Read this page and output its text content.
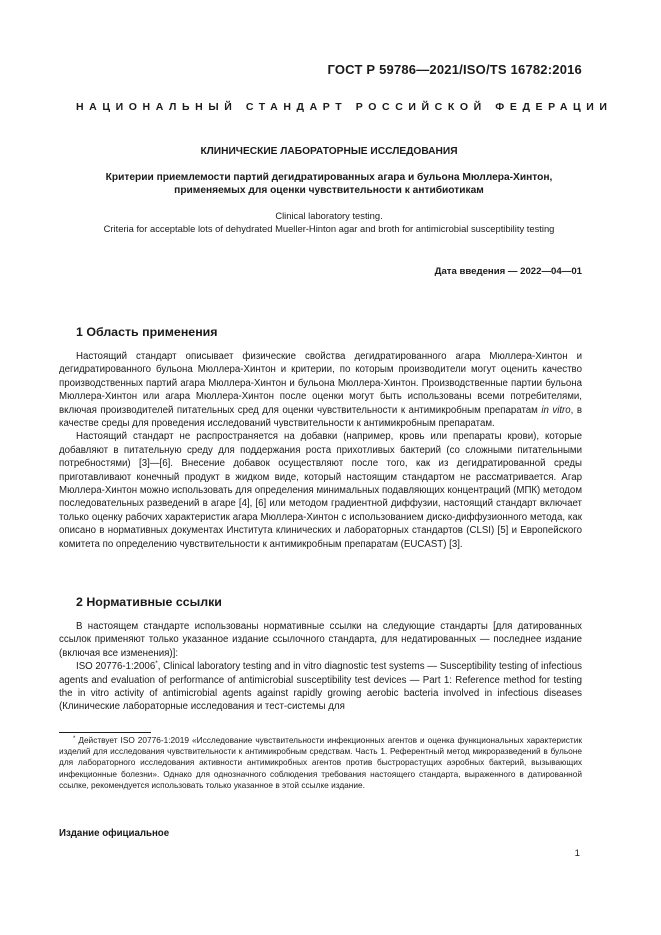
ГОСТ Р 59786—2021/ISO/TS 16782:2016
НАЦИОНАЛЬНЫЙ СТАНДАРТ РОССИЙСКОЙ ФЕДЕРАЦИИ
КЛИНИЧЕСКИЕ ЛАБОРАТОРНЫЕ ИССЛЕДОВАНИЯ
Критерии приемлемости партий дегидратированных агара и бульона Мюллера-Хинтон,
применяемых для оценки чувствительности к антибиотикам
Clinical laboratory testing.
Criteria for acceptable lots of dehydrated Mueller-Hinton agar and broth for antimicrobial susceptibility testing
Дата введения — 2022—04—01
1 Область применения

Настоящий стандарт описывает физические свойства дегидратированного агара Мюллера-Хинтон и дегидратированного бульона Мюллера-Хинтон и критерии, по которым производители могут оценить качество производственных партий агара Мюллера-Хинтон и бульона Мюллера-Хинтон. Производственные партии бульона Мюллера-Хинтон или агара Мюллера-Хинтон после оценки могут быть использованы всеми потребителями, включая производителей питательных сред для оценки чувствительности к антимикробным препаратам in vitro, в качестве среды для проведения исследований чувствительности к антимикробным препаратам.

Настоящий стандарт не распространяется на добавки (например, кровь или препараты крови), которые добавляют в питательную среду для поддержания роста прихотливых бактерий (со сложными питательными потребностями) [3]—[6]. Внесение добавок осуществляют после того, как из дегидратированной среды приготавливают конечный продукт в жидком виде, который настоящим стандартом не рассматривается. Агар Мюллера-Хинтон можно использовать для определения минимальных подавляющих концентраций (МПК) методом последовательных разведений в агаре [4], [6] или методом градиентной диффузии, настоящий стандарт включает только оценку рабочих характеристик агара Мюллера-Хинтон с использованием диско-диффузионного метода, как описано в нормативных документах Института клинических и лабораторных стандартов (CLSI) [5] и Европейского комитета по определению чувствительности к антимикробным препаратам (EUCAST) [3].

2 Нормативные ссылки

В настоящем стандарте использованы нормативные ссылки на следующие стандарты [для датированных ссылок применяют только указанное издание ссылочного стандарта, для недатированных — последнее издание (включая все изменения)]:

ISO 20776-1:2006*, Clinical laboratory testing and in vitro diagnostic test systems — Susceptibility testing of infectious agents and evaluation of performance of antimicrobial susceptibility test devices — Part 1: Reference method for testing the in vitro activity of antimicrobial agents against rapidly growing aerobic bacteria involved in infectious diseases (Клинические лабораторные исследования и тест-системы для

* Действует ISO 20776-1:2019 «Исследование чувствительности инфекционных агентов и оценка функциональных характеристик изделий для исследования чувствительности к антимикробным средствам. Часть 1. Референтный метод микроразведений в бульоне для лабораторного исследования активности антимикробных агентов против быстрорастущих аэробных бактерий, вызывающих инфекционные болезни». Однако для однозначного соблюдения требования настоящего стандарта, выраженного в датированной ссылке, рекомендуется использовать только указанное в этой ссылке издание.
Издание официальное
1
